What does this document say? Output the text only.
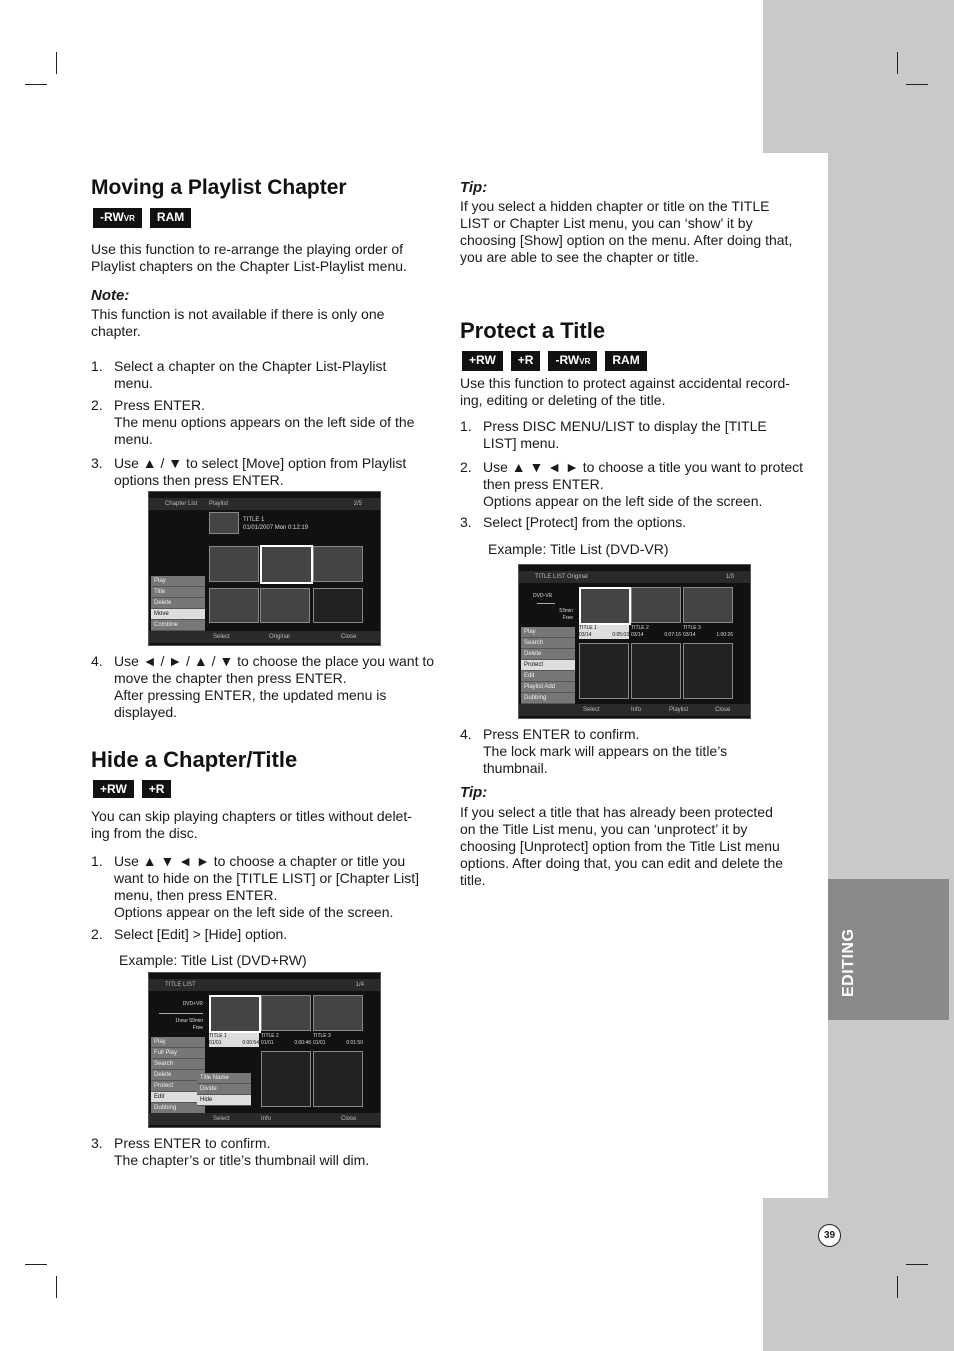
EDITING
39
Moving a Playlist Chapter
-RWVR	RAM
Use this function to re-arrange the playing order of
Playlist chapters on the Chapter List-Playlist menu.
Note:
This function is not available if there is only one
chapter.
1. Select a chapter on the Chapter List-Playlist
menu.
2. Press ENTER.
The menu options appears on the left side of the
menu.
3. Use ▲ / ▼ to select [Move] option from Playlist
options then press ENTER.
Chapter List Playlist	2/5
TITLE 1
01/01/2007 Mon 0:12:19
Play
Title
Delete
Move
Combine
Select	Original	Close
4. Use ◄ / ► / ▲ / ▼ to choose the place you want to
move the chapter then press ENTER.
After pressing ENTER, the updated menu is
displayed.
Hide a Chapter/Title
+RW	+R
You can skip playing chapters or titles without delet-
ing from the disc.
1. Use ▲ ▼ ◄ ► to choose a chapter or title you
want to hide on the [TITLE LIST] or [Chapter List]
menu, then press ENTER.
Options appear on the left side of the screen.
2. Select [Edit] > [Hide] option.
Example: Title List (DVD+RW)
TITLE LIST	1/4
DVD+VR
1hour 59min
Free
Play
Full Play
Search
Delete
Protect
Edit
Dubbing
Title Name
Divide
Hide
TITLE 1
01/01	0:00:54
TITLE 2
01/01	0:00:46
TITLE 3
01/01	0:01:50
Select	Info	Close
3. Press ENTER to confirm.
The chapter’s or title’s thumbnail will dim.
Tip:
If you select a hidden chapter or title on the TITLE
LIST or Chapter List menu, you can ‘show’ it by
choosing [Show] option on the menu. After doing that,
you are able to see the chapter or title.
Protect a Title
+RW	+R	-RWVR	RAM
Use this function to protect against accidental record-
ing, editing or deleting of the title.
1. Press DISC MENU/LIST to display the [TITLE
LIST] menu.
2. Use ▲ ▼ ◄ ► to choose a title you want to protect
then press ENTER.
Options appear on the left side of the screen.
3. Select [Protect] from the options.
Example: Title List (DVD-VR)
TITLE LIST Original	1/3
DVD-VR
53min
Free
Play
Search
Delete
Protect
Edit
Playlist Add
Dubbing
TITLE 1
03/14	0:05:03
TITLE 2
03/14	0:07:16
TITLE 3
03/14	1:00:26
Select	Info	Playlist	Close
4. Press ENTER to confirm.
The lock mark will appears on the title’s
thumbnail.
Tip:
If you select a title that has already been protected
on the Title List menu, you can ‘unprotect’ it by
choosing [Unprotect] option from the Title List menu
options. After doing that, you can edit and delete the
title.
